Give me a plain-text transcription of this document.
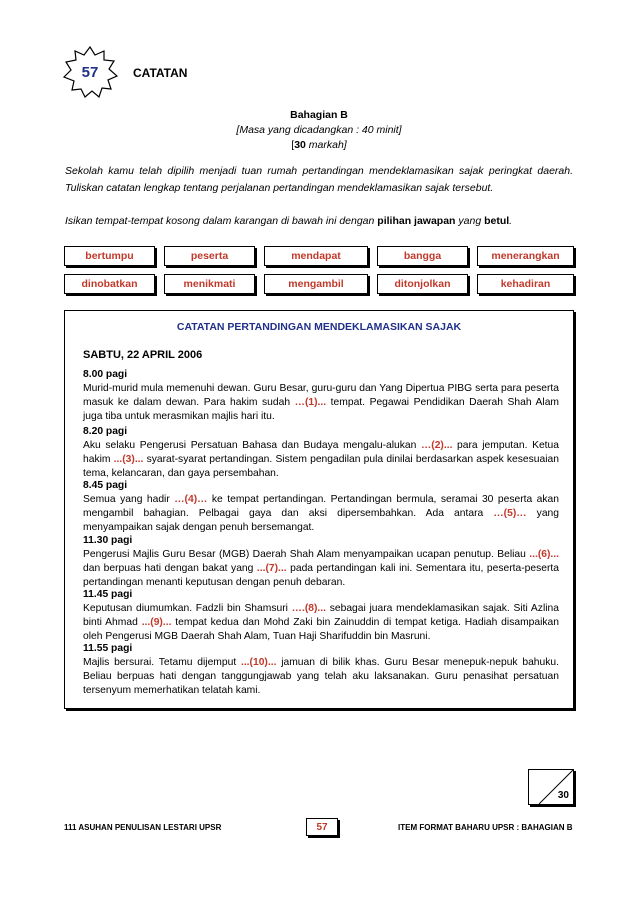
57	CATATAN
Bahagian B
[Masa yang dicadangkan : 40 minit]
[30 markah]
Sekolah kamu telah dipilih menjadi tuan rumah pertandingan mendeklamasikan sajak peringkat daerah. Tuliskan catatan lengkap tentang perjalanan pertandingan mendeklamasikan sajak tersebut.
Isikan tempat-tempat kosong dalam karangan di bawah ini dengan pilihan jawapan yang betul.
bertumpu	peserta	mendapat	bangga	menerangkan
dinobatkan	menikmati	mengambil	ditonjolkan	kehadiran
CATATAN PERTANDINGAN MENDEKLAMASIKAN SAJAK
SABTU, 22 APRIL 2006
8.00 pagi
Murid-murid mula memenuhi dewan. Guru Besar, guru-guru dan Yang Dipertua PIBG serta para peserta masuk ke dalam dewan. Para hakim sudah …(1)... tempat. Pegawai Pendidikan Daerah Shah Alam juga tiba untuk merasmikan majlis hari itu.
8.20 pagi
Aku selaku Pengerusi Persatuan Bahasa dan Budaya mengalu-alukan …(2)... para jemputan. Ketua hakim ...(3)... syarat-syarat pertandingan. Sistem pengadilan pula dinilai berdasarkan aspek kesesuaian tema, kelancaran, dan gaya persembahan.
8.45 pagi
Semua yang hadir …(4)… ke tempat pertandingan. Pertandingan bermula, seramai 30 peserta akan mengambil bahagian. Pelbagai gaya dan aksi dipersembahkan. Ada antara …(5)… yang menyampaikan sajak dengan penuh bersemangat.
11.30 pagi
Pengerusi Majlis Guru Besar (MGB) Daerah Shah Alam menyampaikan ucapan penutup. Beliau ...(6)... dan berpuas hati dengan bakat yang ...(7)... pada pertandingan kali ini. Sementara itu, peserta-peserta pertandingan menanti keputusan dengan penuh debaran.
11.45 pagi
Keputusan diumumkan. Fadzli bin Shamsuri ….(8)... sebagai juara mendeklamasikan sajak. Siti Azlina binti Ahmad ...(9)... tempat kedua dan Mohd Zaki bin Zainuddin di tempat ketiga. Hadiah disampaikan oleh Pengerusi MGB Daerah Shah Alam, Tuan Haji Sharifuddin bin Masruni.
11.55 pagi
Majlis bersurai. Tetamu dijemput ...(10)... jamuan di bilik khas. Guru Besar menepuk-nepuk bahuku. Beliau berpuas hati dengan tanggungjawab yang telah aku laksanakan. Guru penasihat persatuan tersenyum memerhatikan telatah kami.
30
111 ASUHAN PENULISAN LESTARI UPSR	57	ITEM FORMAT BAHARU UPSR : BAHAGIAN B
